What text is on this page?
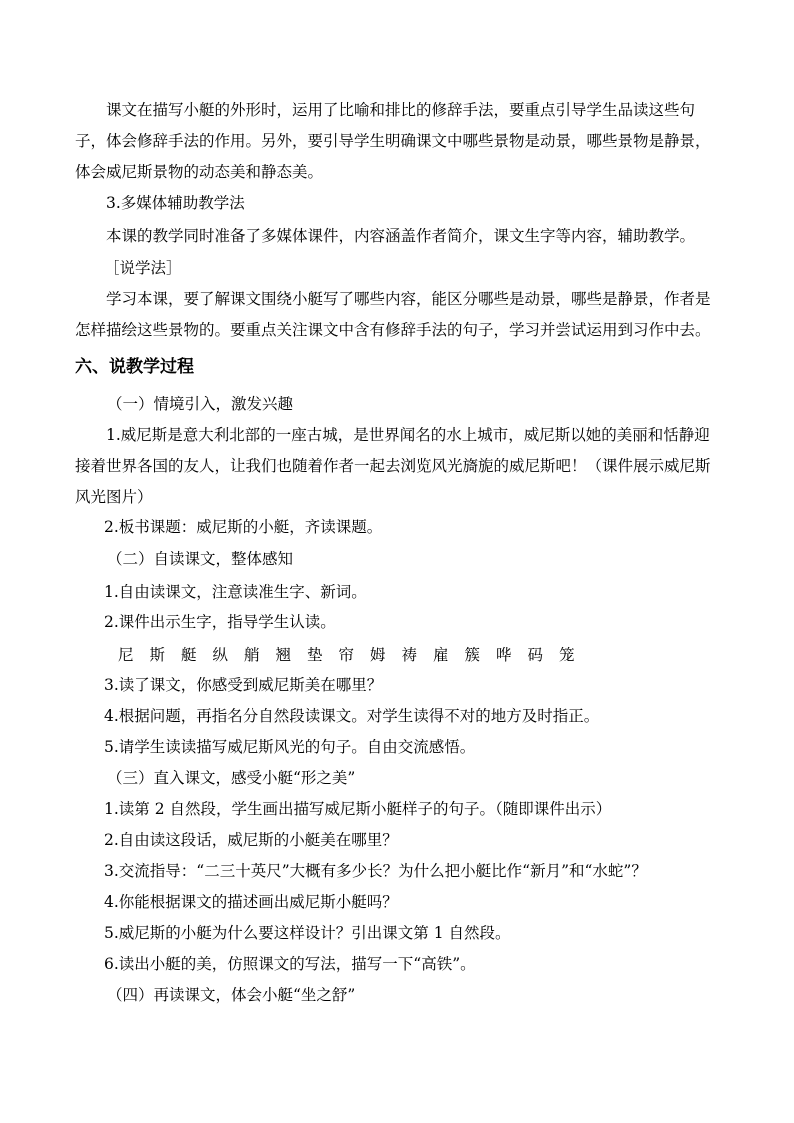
课文在描写小艇的外形时，运用了比喻和排比的修辞手法，要重点引导学生品读这些句子，体会修辞手法的作用。另外，要引导学生明确课文中哪些景物是动景，哪些景物是静景，体会威尼斯景物的动态美和静态美。

3.多媒体辅助教学法

本课的教学同时准备了多媒体课件，内容涵盖作者简介，课文生字等内容，辅助教学。

［说学法］

学习本课，要了解课文围绕小艇写了哪些内容，能区分哪些是动景，哪些是静景，作者是怎样描绘这些景物的。要重点关注课文中含有修辞手法的句子，学习并尝试运用到习作中去。

六、说教学过程

（一）情境引入，激发兴趣

1.威尼斯是意大利北部的一座古城，是世界闻名的水上城市，威尼斯以她的美丽和恬静迎接着世界各国的友人，让我们也随着作者一起去浏览风光旖旎的威尼斯吧！（课件展示威尼斯风光图片）

2.板书课题：威尼斯的小艇，齐读课题。

（二）自读课文，整体感知

1.自由读课文，注意读准生字、新词。

2.课件出示生字，指导学生认读。

尼	斯	艇	纵	艄	翘	垫	帘	姆	祷	雇	簇	哗	码	笼

3.读了课文，你感受到威尼斯美在哪里？

4.根据问题，再指名分自然段读课文。对学生读得不对的地方及时指正。

5.请学生读读描写威尼斯风光的句子。自由交流感悟。

（三）直入课文，感受小艇“形之美”

1.读第 2 自然段，学生画出描写威尼斯小艇样子的句子。（随即课件出示）

2.自由读这段话，威尼斯的小艇美在哪里？

3.交流指导：“二三十英尺”大概有多少长？为什么把小艇比作“新月”和“水蛇”？

4.你能根据课文的描述画出威尼斯小艇吗？

5.威尼斯的小艇为什么要这样设计？引出课文第 1 自然段。

6.读出小艇的美，仿照课文的写法，描写一下“高铁”。

（四）再读课文，体会小艇“坐之舒”
